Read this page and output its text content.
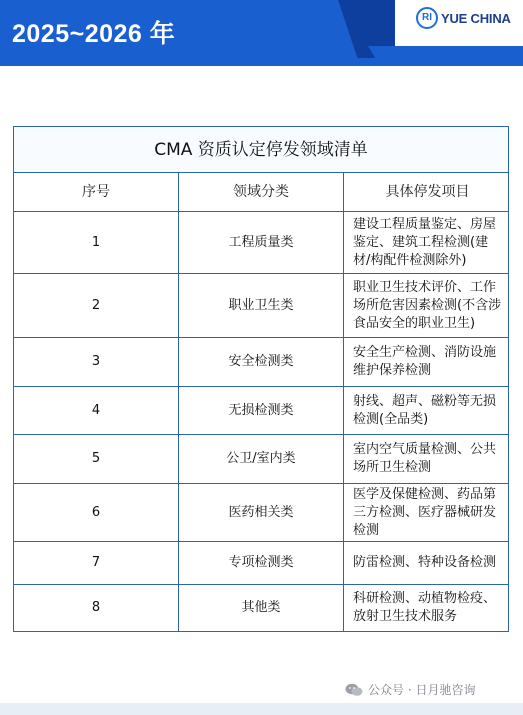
2025~2026 年
RI YUE CHINA
CMA 资质认定停发领域清单		
序号	领域分类	具体停发项目
1	工程质量类	建设工程质量鉴定、房屋鉴定、建筑工程检测(建材/构配件检测除外)
2	职业卫生类	职业卫生技术评价、工作场所危害因素检测(不含涉食品安全的职业卫生)
3	安全检测类	安全生产检测、消防设施维护保养检测
4	无损检测类	射线、超声、磁粉等无损检测(全品类)
5	公卫/室内类	室内空气质量检测、公共场所卫生检测
6	医药相关类	医学及保健检测、药品第三方检测、医疗器械研发检测
7	专项检测类	防雷检测、特种设备检测
8	其他类	科研检测、动植物检疫、放射卫生技术服务
公众号 · 日月驰咨询
